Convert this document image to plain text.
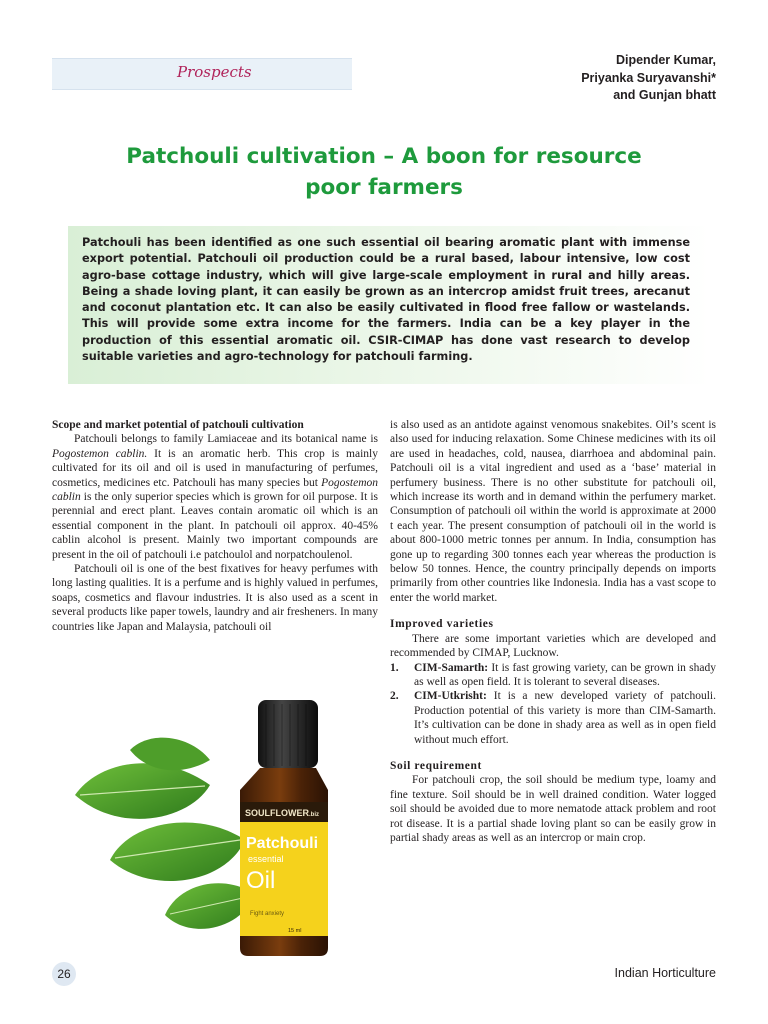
Prospects
Dipender Kumar,
Priyanka Suryavanshi*
and Gunjan bhatt
Patchouli cultivation – A boon for resource
poor farmers

Patchouli has been identified as one such essential oil bearing aromatic plant with immense export potential. Patchouli oil production could be a rural based, labour intensive, low cost agro-base cottage industry, which will give large-scale employment in rural and hilly areas. Being a shade loving plant, it can easily be grown as an intercrop amidst fruit trees, arecanut and coconut plantation etc. It can also be easily cultivated in flood free fallow or wastelands. This will provide some extra income for the farmers. India can be a key player in the production of this essential aromatic oil. CSIR-CIMAP has done vast research to develop suitable varieties and agro-technology for patchouli farming.

Scope and market potential of patchouli cultivation

Patchouli belongs to family Lamiaceae and its botanical name is Pogostemon cablin. It is an aromatic herb. This crop is mainly cultivated for its oil and oil is used in manufacturing of perfumes, cosmetics, medicines etc. Patchouli has many species but Pogostemon cablin is the only superior species which is grown for oil purpose. It is perennial and erect plant. Leaves contain aromatic oil which is an essential component in the plant. In patchouli oil approx. 40-45% cablin alcohol is present. Mainly two important compounds are present in the oil of patchouli i.e patchoulol and norpatchoulenol.

Patchouli oil is one of the best fixatives for heavy perfumes with long lasting qualities. It is a perfume and is highly valued in perfumes, soaps, cosmetics and flavour industries. It is also used as a scent in several products like paper towels, laundry and air fresheners. In many countries like Japan and Malaysia, patchouli oil

is also used as an antidote against venomous snakebites. Oil’s scent is also used for inducing relaxation. Some Chinese medicines with its oil are used in headaches, cold, nausea, diarrhoea and abdominal pain. Patchouli oil is a vital ingredient and used as a ‘base’ material in perfumery business. There is no other substitute for patchouli oil, which increase its worth and in demand within the perfumery market. Consumption of patchouli oil within the world is approximate at 2000 t each year. The present consumption of patchouli oil in the world is about 800-1000 metric tonnes per annum. In India, consumption has gone up to regarding 300 tonnes each year whereas the production is below 50 tonnes. Hence, the country principally depends on imports primarily from other countries like Indonesia. India has a vast scope to enter the world market.

Improved varieties

There are some important varieties which are developed and recommended by CIMAP, Lucknow.

1. CIM-Samarth: It is fast growing variety, can be grown in shady as well as open field. It is tolerant to several diseases.
2. CIM-Utkrisht: It is a new developed variety of patchouli. Production potential of this variety is more than CIM-Samarth. It’s cultivation can be done in shady area as well as in open field without much effort.
Soil requirement

For patchouli crop, the soil should be medium type, loamy and fine texture. Soil should be in well drained condition. Water logged soil should be avoided due to more nematode attack problem and root rot disease. It is a partial shade loving plant so can be easily grow in partial shady areas as well as an intercrop or main crop.

SOULFLOWER.biz
Patchouli
essential
Oil
Fight anxiety
15 ml
26	Indian Horticulture
